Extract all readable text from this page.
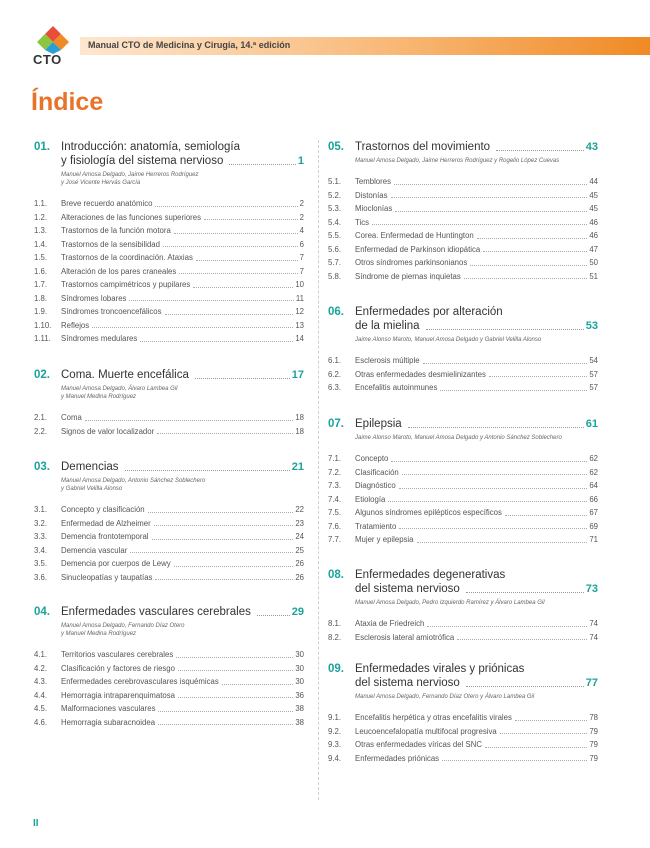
CTO
Manual CTO de Medicina y Cirugía, 14.ª edición
Índice
01. Introducción: anatomía, semiología
y fisiología del sistema nervioso	1
Manuel Amosa Delgado, Jaime Herreros Rodríguez
y José Vicente Hervás García
1.1.	Breve recuerdo anatómico	2
1.2.	Alteraciones de las funciones superiores	2
1.3.	Trastornos de la función motora	4
1.4.	Trastornos de la sensibilidad	6
1.5.	Trastornos de la coordinación. Ataxias	7
1.6.	Alteración de los pares craneales	7
1.7.	Trastornos campimétricos y pupilares	10
1.8.	Síndromes lobares	11
1.9.	Síndromes troncoencefálicos	12
1.10.	Reflejos	13
1.11.	Síndromes medulares	14
02. Coma. Muerte encefálica	17
Manuel Amosa Delgado, Álvaro Lambea Gil
y Manuel Medina Rodríguez
2.1.	Coma	18
2.2.	Signos de valor localizador	18
03. Demencias	21
Manuel Amosa Delgado, Antonio Sánchez Soblechero
y Gabriel Velilla Alonso
3.1.	Concepto y clasificación	22
3.2.	Enfermedad de Alzheimer	23
3.3.	Demencia frontotemporal	24
3.4.	Demencia vascular	25
3.5.	Demencia por cuerpos de Lewy	26
3.6.	Sinucleopatías y taupatías	26
04. Enfermedades vasculares cerebrales	29
Manuel Amosa Delgado, Fernando Díaz Otero
y Manuel Medina Rodríguez
4.1.	Territorios vasculares cerebrales	30
4.2.	Clasificación y factores de riesgo	30
4.3.	Enfermedades cerebrovasculares isquémicas	30
4.4.	Hemorragia intraparenquimatosa	36
4.5.	Malformaciones vasculares	38
4.6.	Hemorragia subaracnoidea	38
05. Trastornos del movimiento	43
Manuel Amosa Delgado, Jaime Herreros Rodríguez y Rogelio López Cuevas
5.1.	Temblores	44
5.2.	Distonías	45
5.3.	Mioclonías	45
5.4.	Tics	46
5.5.	Corea. Enfermedad de Huntington	46
5.6.	Enfermedad de Parkinson idiopática	47
5.7.	Otros síndromes parkinsonianos	50
5.8.	Síndrome de piernas inquietas	51
06. Enfermedades por alteración
de la mielina	53
Jaime Alonso Maroto, Manuel Amosa Delgado y Gabriel Velilla Alonso
6.1.	Esclerosis múltiple	54
6.2.	Otras enfermedades desmielinizantes	57
6.3.	Encefalitis autoinmunes	57
07. Epilepsia	61
Jaime Alonso Maroto, Manuel Amosa Delgado y Antonio Sánchez Soblechero
7.1.	Concepto	62
7.2.	Clasificación	62
7.3.	Diagnóstico	64
7.4.	Etiología	66
7.5.	Algunos síndromes epilépticos específicos	67
7.6.	Tratamiento	69
7.7.	Mujer y epilepsia	71
08. Enfermedades degenerativas
del sistema nervioso	73
Manuel Amosa Delgado, Pedro Izquierdo Ramírez y Álvaro Lambea Gil
8.1.	Ataxia de Friedreich	74
8.2.	Esclerosis lateral amiotrófica	74
09. Enfermedades virales y priónicas
del sistema nervioso	77
Manuel Amosa Delgado, Fernando Díaz Otero y Álvaro Lambea Gil
9.1.	Encefalitis herpética y otras encefalitis virales	78
9.2.	Leucoencefalopatía multifocal progresiva	79
9.3.	Otras enfermedades víricas del SNC	79
9.4.	Enfermedades priónicas	79
II
